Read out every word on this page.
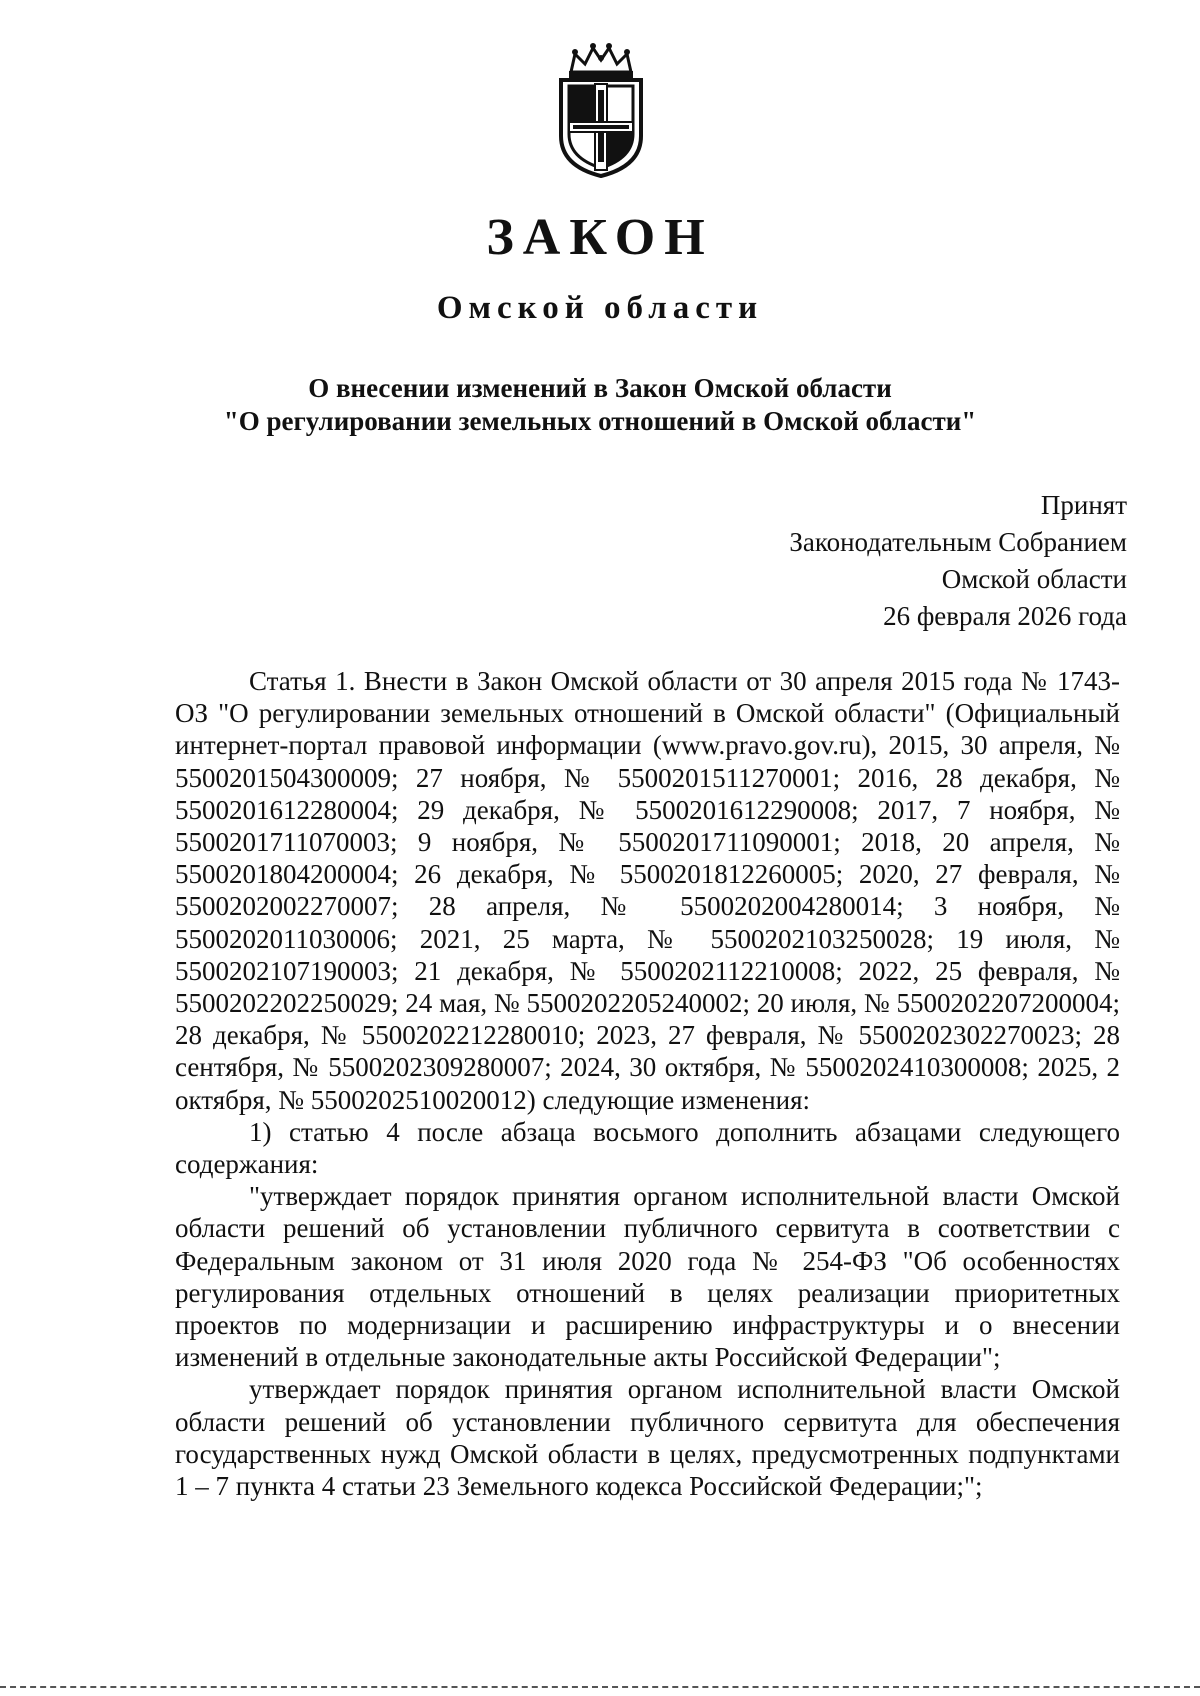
ЗАКОН
Омской области
О внесении изменений в Закон Омской области
"О регулировании земельных отношений в Омской области"
Принят
Законодательным Собранием
Омской области
26 февраля 2026 года

Статья 1. Внести в Закон Омской области от 30 апреля 2015 года № 1743-ОЗ "О регулировании земельных отношений в Омской области" (Официальный интернет-портал правовой информации (www.pravo.gov.ru), 2015, 30 апреля, № 5500201504300009; 27 ноября, № 5500201511270001; 2016, 28 декабря, № 5500201612280004; 29 декабря, № 5500201612290008; 2017, 7 ноября, № 5500201711070003; 9 ноября, № 5500201711090001; 2018, 20 апреля, № 5500201804200004; 26 декабря, № 5500201812260005; 2020, 27 февраля, № 5500202002270007; 28 апреля, № 5500202004280014; 3 ноября, № 5500202011030006; 2021, 25 марта, № 5500202103250028; 19 июля, № 5500202107190003; 21 декабря, № 5500202112210008; 2022, 25 февраля, № 5500202202250029; 24 мая, № 5500202205240002; 20 июля, № 5500202207200004; 28 декабря, № 5500202212280010; 2023, 27 февраля, № 5500202302270023; 28 сентября, № 5500202309280007; 2024, 30 октября, № 5500202410300008; 2025, 2 октября, № 5500202510020012) следующие изменения:

1) статью 4 после абзаца восьмого дополнить абзацами следующего содержания:

"утверждает порядок принятия органом исполнительной власти Омской области решений об установлении публичного сервитута в соответствии с Федеральным законом от 31 июля 2020 года № 254-ФЗ "Об особенностях регулирования отдельных отношений в целях реализации приоритетных проектов по модернизации и расширению инфраструктуры и о внесении изменений в отдельные законодательные акты Российской Федерации";

утверждает порядок принятия органом исполнительной власти Омской области решений об установлении публичного сервитута для обеспечения государственных нужд Омской области в целях, предусмотренных подпунктами 1 – 7 пункта 4 статьи 23 Земельного кодекса Российской Федерации;";
